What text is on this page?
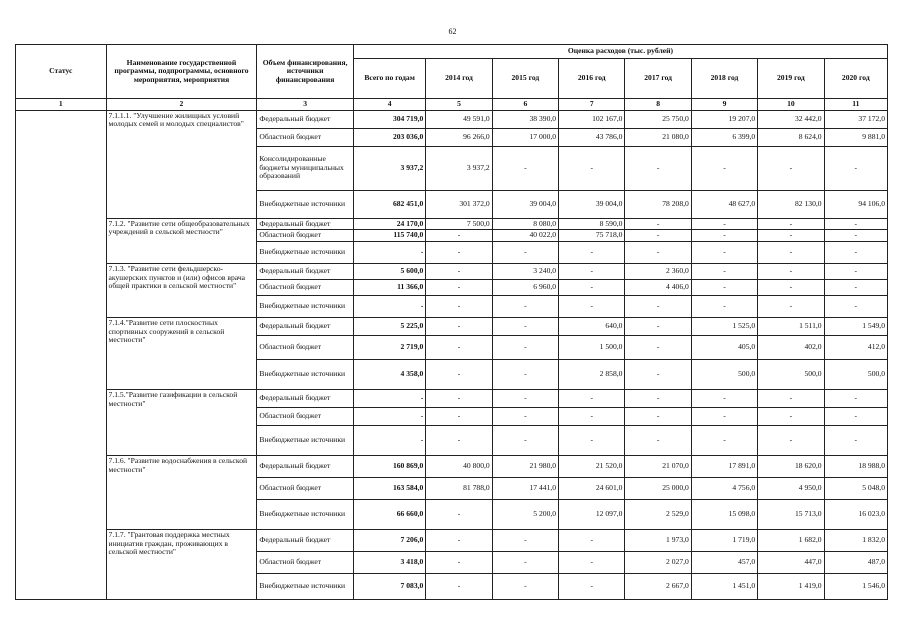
62
Статус	Наименование государственной программы, подпрограммы, основного мероприятия, мероприятия	Объем финансирования, источники финансирования	Оценка расходов (тыс. рублей)							
			Всего по годам	2014 год	2015 год	2016 год	2017 год	2018 год	2019 год	2020 год
1	2	3	4	5	6	7	8	9	10	11
	7.1.1.1. "Улучшение жилищных условий молодых семей и молодых специалистов"	Федеральный бюджет	304 719,0	49 591,0	38 390,0	102 167,0	25 750,0	19 207,0	32 442,0	37 172,0
		Областной бюджет	203 036,0	96 266,0	17 000,0	43 786,0	21 080,0	6 399,0	8 624,0	9 881,0
		Консолидированные бюджеты муниципальных образований	3 937,2	3 937,2	-	-	-	-	-	-
		Внебюджетные источники	682 451,0	301 372,0	39 004,0	39 004,0	78 208,0	48 627,0	82 130,0	94 106,0
	7.1.2. "Развитие сети общеобразовательных учреждений в сельской местности"	Федеральный бюджет	24 170,0	7 500,0	8 080,0	8 590,0	-	-	-	-
		Областной бюджет	115 740,0	-	40 022,0	75 718,0	-	-	-	-
		Внебюджетные источники	-	-	-	-	-	-	-	-
	7.1.3. "Развитие сети фельдшерско-акушерских пунктов и (или) офисов врача общей практики в сельской местности"	Федеральный бюджет	5 600,0	-	3 240,0	-	2 360,0	-	-	-
		Областной бюджет	11 366,0	-	6 960,0	-	4 406,0	-	-	-
		Внебюджетные источники	-	-	-	-	-	-	-	-
	7.1.4."Развитие сети плоскостных спортивных сооружений в сельской местности"	Федеральный бюджет	5 225,0	-	-	640,0	-	1 525,0	1 511,0	1 549,0
		Областной бюджет	2 719,0	-	-	1 500,0	-	405,0	402,0	412,0
		Внебюджетные источники	4 358,0	-	-	2 858,0	-	500,0	500,0	500,0
	7.1.5."Развитие газификации в сельской местности"	Федеральный бюджет	-	-	-	-	-	-	-	-
		Областной бюджет	-	-	-	-	-	-	-	-
		Внебюджетные источники	-	-	-	-	-	-	-	-
	7.1.6. "Развитие водоснабжения в сельской местности"	Федеральный бюджет	160 869,0	40 800,0	21 980,0	21 520,0	21 070,0	17 891,0	18 620,0	18 988,0
		Областной бюджет	163 584,0	81 788,0	17 441,0	24 601,0	25 000,0	4 756,0	4 950,0	5 048,0
		Внебюджетные источники	66 660,0	-	5 200,0	12 097,0	2 529,0	15 098,0	15 713,0	16 023,0
	7.1.7. "Грантовая поддержка местных инициатив граждан, проживающих в сельской местности"	Федеральный бюджет	7 206,0	-	-	-	1 973,0	1 719,0	1 682,0	1 832,0
		Областной бюджет	3 418,0	-	-	-	2 027,0	457,0	447,0	487,0
		Внебюджетные источники	7 083,0	-	-	-	2 667,0	1 451,0	1 419,0	1 546,0
